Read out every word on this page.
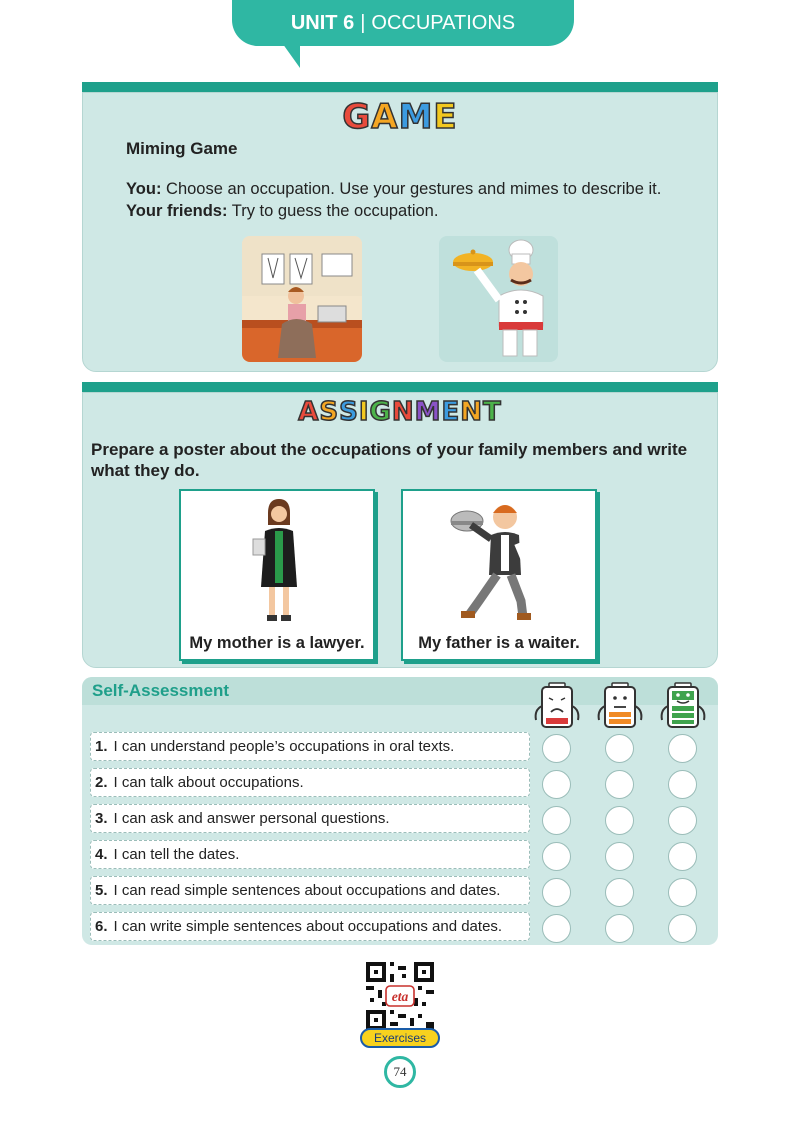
UNIT 6 | OCCUPATIONS
GAME
Miming Game
You: Choose an occupation. Use your gestures and mimes to describe it.
Your friends: Try to guess the occupation.
ASSIGNMENT
Prepare a poster about the occupations of your family members and write what they do.
My mother is a lawyer.	My father is a waiter.
Self-Assessment
1. I can understand people’s occupations in oral texts.
2. I can talk about occupations.
3. I can ask and answer personal questions.
4. I can tell the dates.
5. I can read simple sentences about occupations and dates.
6. I can write simple sentences about occupations and dates.
eta
Exercises
74
